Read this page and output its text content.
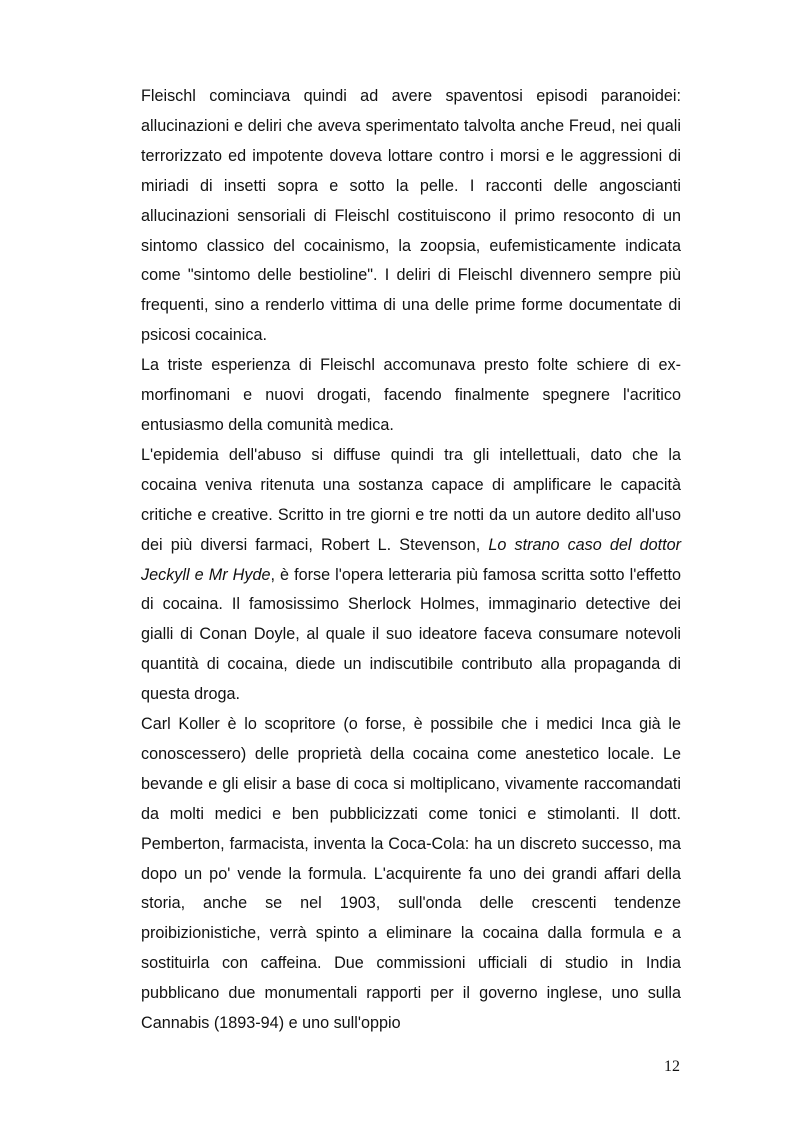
Fleischl cominciava quindi ad avere spaventosi episodi paranoidei: allucinazioni e deliri che aveva sperimentato talvolta anche Freud, nei quali terrorizzato ed impotente doveva lottare contro i morsi e le aggressioni di miriadi di insetti sopra e sotto la pelle. I racconti delle angoscianti allucinazioni sensoriali di Fleischl costituiscono il primo resoconto di un sintomo classico del cocainismo, la zoopsia, eufemisticamente indicata come "sintomo delle bestioline". I deliri di Fleischl divennero sempre più frequenti, sino a renderlo vittima di una delle prime forme documentate di psicosi cocainica.

La triste esperienza di Fleischl accomunava presto folte schiere di ex-morfinomani e nuovi drogati, facendo finalmente spegnere l'acritico entusiasmo della comunità medica.

L'epidemia dell'abuso si diffuse quindi tra gli intellettuali, dato che la cocaina veniva ritenuta una sostanza capace di amplificare le capacità critiche e creative. Scritto in tre giorni e tre notti da un autore dedito all'uso dei più diversi farmaci, Robert L. Stevenson, Lo strano caso del dottor Jeckyll e Mr Hyde, è forse l'opera letteraria più famosa scritta sotto l'effetto di cocaina. Il famosissimo Sherlock Holmes, immaginario detective dei gialli di Conan Doyle, al quale il suo ideatore faceva consumare notevoli quantità di cocaina, diede un indiscutibile contributo alla propaganda di questa droga.

Carl Koller è lo scopritore (o forse, è possibile che i medici Inca già le conoscessero) delle proprietà della cocaina come anestetico locale. Le bevande e gli elisir a base di coca si moltiplicano, vivamente raccomandati da molti medici e ben pubblicizzati come tonici e stimolanti. Il dott. Pemberton, farmacista, inventa la Coca-Cola: ha un discreto successo, ma dopo un po' vende la formula. L'acquirente fa uno dei grandi affari della storia, anche se nel 1903, sull'onda delle crescenti tendenze proibizionistiche, verrà spinto a eliminare la cocaina dalla formula e a sostituirla con caffeina. Due commissioni ufficiali di studio in India pubblicano due monumentali rapporti per il governo inglese, uno sulla Cannabis (1893-94) e uno sull'oppio

12
